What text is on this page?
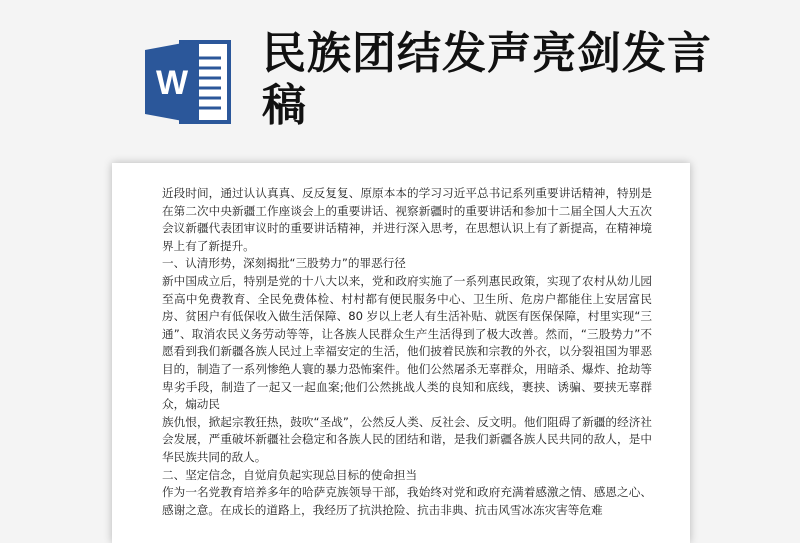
W
民族团结发声亮剑发言稿

近段时间，通过认认真真、反反复复、原原本本的学习习近平总书记系列重要讲话精神，特别是在第二次中央新疆工作座谈会上的重要讲话、视察新疆时的重要讲话和参加十二届全国人大五次会议新疆代表团审议时的重要讲话精神，并进行深入思考，在思想认识上有了新提高，在精神境界上有了新提升。

一、认清形势，深刻揭批“三股势力”的罪恶行径

新中国成立后，特别是党的十八大以来，党和政府实施了一系列惠民政策，实现了农村从幼儿园至高中免费教育、全民免费体检、村村都有便民服务中心、卫生所、危房户都能住上安居富民房、贫困户有低保收入做生活保障、80 岁以上老人有生活补贴、就医有医保保障，村里实现“三通”、取消农民义务劳动等等，让各族人民群众生产生活得到了极大改善。然而，“三股势力”不愿看到我们新疆各族人民过上幸福安定的生活，他们披着民族和宗教的外衣，以分裂祖国为罪恶目的，制造了一系列惨绝人寰的暴力恐怖案件。他们公然屠杀无辜群众，用暗杀、爆炸、抢劫等卑劣手段，制造了一起又一起血案;他们公然挑战人类的良知和底线，裹挟、诱骗、要挟无辜群众，煽动民

族仇恨，掀起宗教狂热，鼓吹“圣战”，公然反人类、反社会、反文明。他们阻碍了新疆的经济社会发展，严重破坏新疆社会稳定和各族人民的团结和谐，是我们新疆各族人民共同的敌人，是中华民族共同的敌人。

二、坚定信念，自觉肩负起实现总目标的使命担当

作为一名党教育培养多年的哈萨克族领导干部，我始终对党和政府充满着感激之情、感恩之心、感谢之意。在成长的道路上，我经历了抗洪抢险、抗击非典、抗击风雪冰冻灾害等危难
